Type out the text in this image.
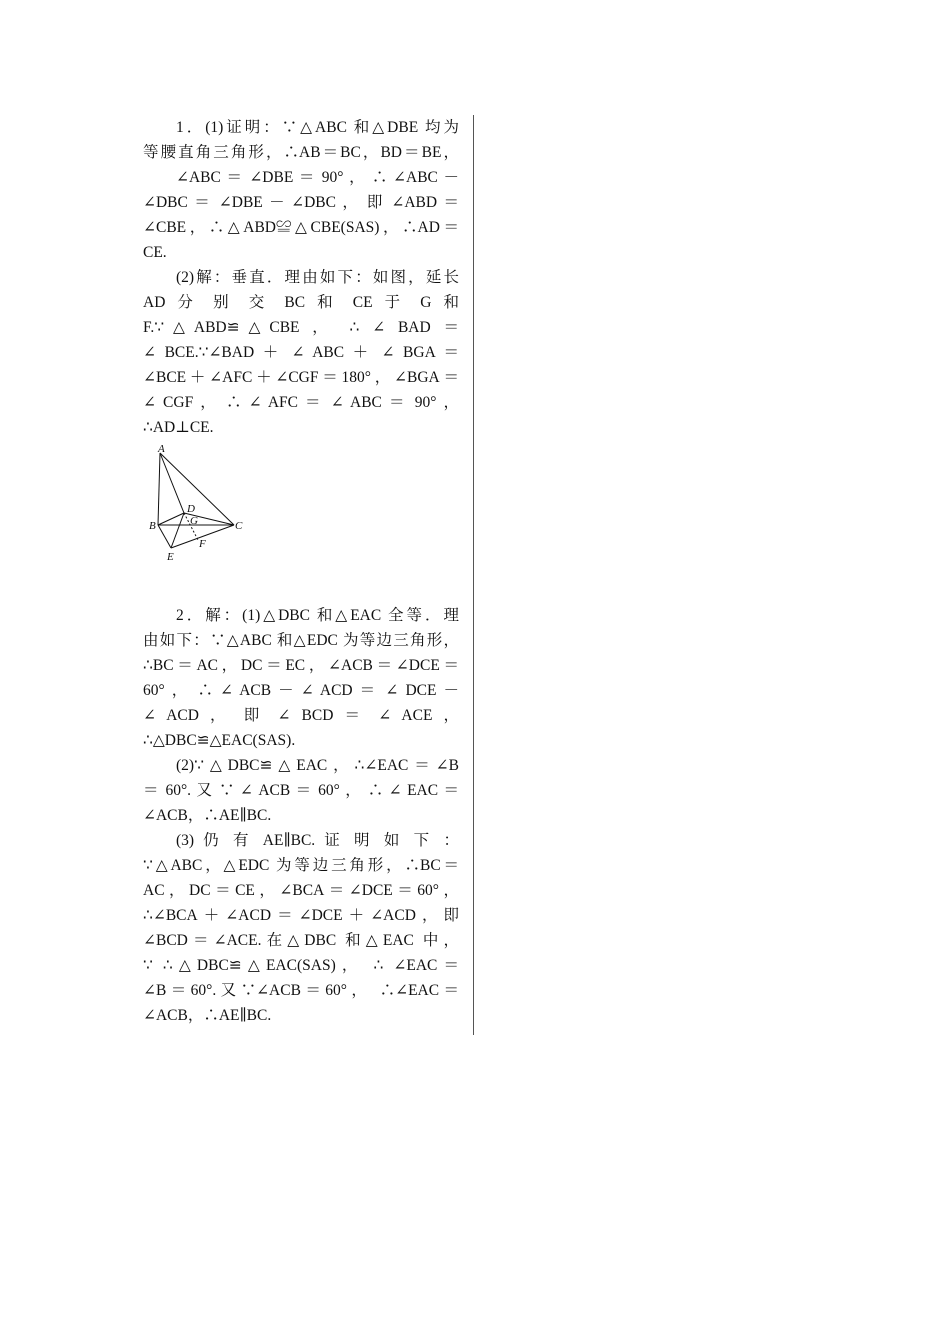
1．(1)证明：∵△ABC 和△DBE 均为
等腰直角三角形，∴AB＝BC，BD＝BE，
∠ABC ＝ ∠DBE ＝ 90° ， ∴ ∠ABC －
∠DBC ＝ ∠DBE － ∠DBC ， 即 ∠ABD ＝
∠CBE，∴△ABD≌△CBE(SAS)，∴AD＝
CE.
(2)解：垂直．理由如下：如图，延长
AD 分 别 交 BC 和 CE 于 G 和
F.∵△ABD≌△CBE ， ∴ ∠ BAD ＝
∠ BCE.∵∠BAD ＋ ∠ ABC ＋ ∠ BGA ＝
∠BCE＋∠AFC＋∠CGF＝180°，∠BGA＝
∠ CGF ， ∴ ∠ AFC ＝ ∠ ABC ＝ 90° ，
∴AD⊥CE.
A
B	C
D
G
F
E
2．解：(1)△DBC 和△EAC 全等．理
由如下：∵△ABC 和△EDC 为等边三角形，
∴BC＝AC，DC＝EC，∠ACB＝∠DCE＝
60° ， ∴ ∠ ACB － ∠ ACD ＝ ∠ DCE －
∠ ACD ， 即 ∠ BCD ＝ ∠ ACE ，
∴△DBC≌△EAC(SAS).
(2)∵△DBC≌△EAC，∴∠EAC＝∠B
＝ 60°. 又 ∵ ∠ ACB ＝ 60° ， ∴ ∠ EAC ＝
∠ACB，∴AE∥BC.
(3) 仍 有 AE∥BC. 证 明 如 下 ：
∵△ABC，△EDC 为等边三角形，∴BC＝
AC，DC＝CE，∠BCA＝∠DCE＝60°，
∴∠BCA＋∠ACD＝∠DCE＋∠ACD，即
∠BCD＝∠ACE.在△DBC 和△EAC 中，
∵ ∴△DBC≌△EAC(SAS)， ∴ ∠EAC＝
∠B＝60°.又∵∠ACB＝60°， ∴∠EAC＝
∠ACB，∴AE∥BC.
